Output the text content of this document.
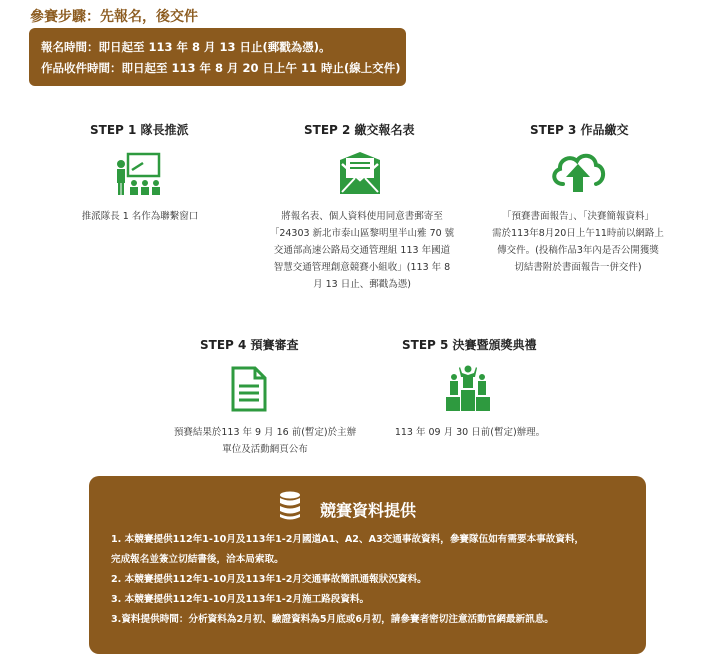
參賽步驟：先報名，後交件
報名時間：即日起至 113 年 8 月 13 日止(郵戳為憑)。
作品收件時間：即日起至 113 年 8 月 20 日上午 11 時止(線上交件)
STEP 1 隊長推派
推派隊長 1 名作為聯繫窗口
STEP 2 繳交報名表
將報名表、個人資料使用同意書郵寄至
「24303 新北市泰山區黎明里半山雅 70 號
交通部高速公路局交通管理組 113 年國道
智慧交通管理創意競賽小組收」(113 年 8
月 13 日止、郵戳為憑)
STEP 3 作品繳交
「預賽書面報告」、「決賽簡報資料」
需於113年8月20日上午11時前以網路上
傳交件。(投稿作品3年內是否公開獲獎
切結書附於書面報告一併交件)
STEP 4 預賽審查
預賽結果於113 年 9 月 16 前(暫定)於主辦
單位及活動網頁公布
STEP 5 決賽暨頒獎典禮
113 年 09 月 30 日前(暫定)辦理。
競賽資料提供
1. 本競賽提供112年1-10月及113年1-2月國道A1、A2、A3交通事故資料，參賽隊伍如有需要本事故資料，
完成報名並簽立切結書後，洽本局索取。
2. 本競賽提供112年1-10月及113年1-2月交通事故簡訊通報狀況資料。
3. 本競賽提供112年1-10月及113年1-2月施工路段資料。
3.資料提供時間：分析資料為2月初、驗證資料為5月底或6月初，請參賽者密切注意活動官網最新訊息。
